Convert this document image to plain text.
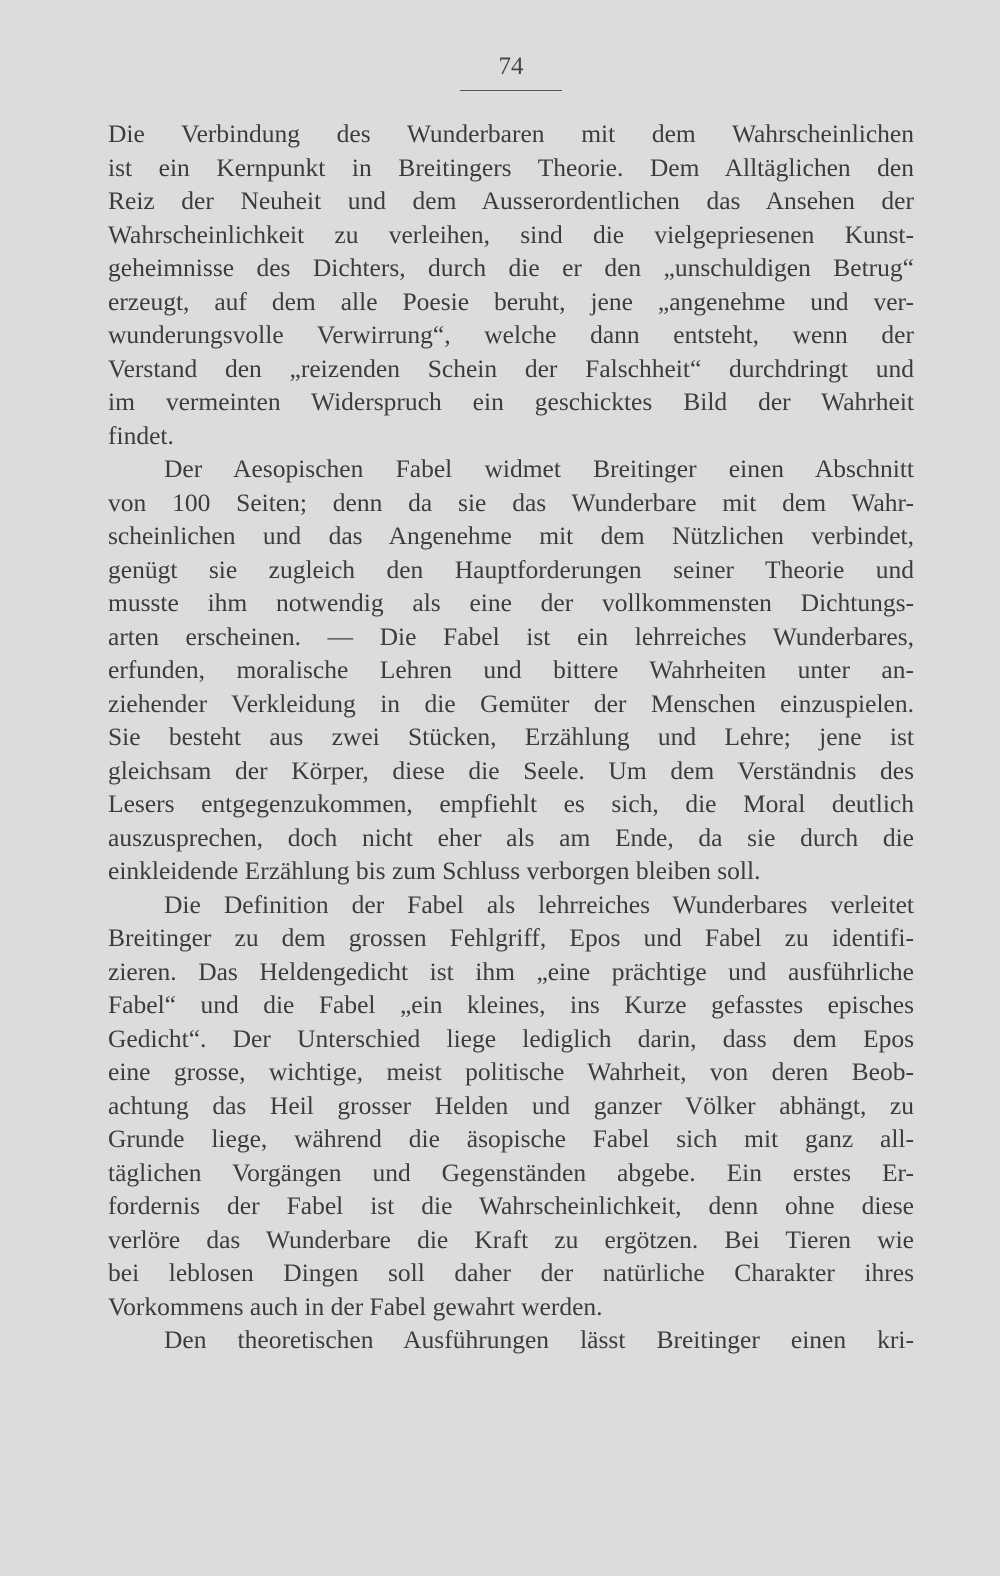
74
Die Verbindung des Wunderbaren mit dem Wahrscheinlichen
ist ein Kernpunkt in Breitingers Theorie. Dem Alltäglichen den
Reiz der Neuheit und dem Ausserordentlichen das Ansehen der
Wahrscheinlichkeit zu verleihen, sind die vielgepriesenen Kunst-
geheimnisse des Dichters, durch die er den „unschuldigen Betrug“
erzeugt, auf dem alle Poesie beruht, jene „angenehme und ver-
wunderungsvolle Verwirrung“, welche dann entsteht, wenn der
Verstand den „reizenden Schein der Falschheit“ durchdringt und
im vermeinten Widerspruch ein geschicktes Bild der Wahrheit
findet.
Der Aesopischen Fabel widmet Breitinger einen Abschnitt
von 100 Seiten; denn da sie das Wunderbare mit dem Wahr-
scheinlichen und das Angenehme mit dem Nützlichen verbindet,
genügt sie zugleich den Hauptforderungen seiner Theorie und
musste ihm notwendig als eine der vollkommensten Dichtungs-
arten erscheinen. — Die Fabel ist ein lehrreiches Wunderbares,
erfunden, moralische Lehren und bittere Wahrheiten unter an-
ziehender Verkleidung in die Gemüter der Menschen einzuspielen.
Sie besteht aus zwei Stücken, Erzählung und Lehre; jene ist
gleichsam der Körper, diese die Seele. Um dem Verständnis des
Lesers entgegenzukommen, empfiehlt es sich, die Moral deutlich
auszusprechen, doch nicht eher als am Ende, da sie durch die
einkleidende Erzählung bis zum Schluss verborgen bleiben soll.
Die Definition der Fabel als lehrreiches Wunderbares verleitet
Breitinger zu dem grossen Fehlgriff, Epos und Fabel zu identifi-
zieren. Das Heldengedicht ist ihm „eine prächtige und ausführliche
Fabel“ und die Fabel „ein kleines, ins Kurze gefasstes episches
Gedicht“. Der Unterschied liege lediglich darin, dass dem Epos
eine grosse, wichtige, meist politische Wahrheit, von deren Beob-
achtung das Heil grosser Helden und ganzer Völker abhängt, zu
Grunde liege, während die äsopische Fabel sich mit ganz all-
täglichen Vorgängen und Gegenständen abgebe. Ein erstes Er-
fordernis der Fabel ist die Wahrscheinlichkeit, denn ohne diese
verlöre das Wunderbare die Kraft zu ergötzen. Bei Tieren wie
bei leblosen Dingen soll daher der natürliche Charakter ihres
Vorkommens auch in der Fabel gewahrt werden.
Den theoretischen Ausführungen lässt Breitinger einen kri-
